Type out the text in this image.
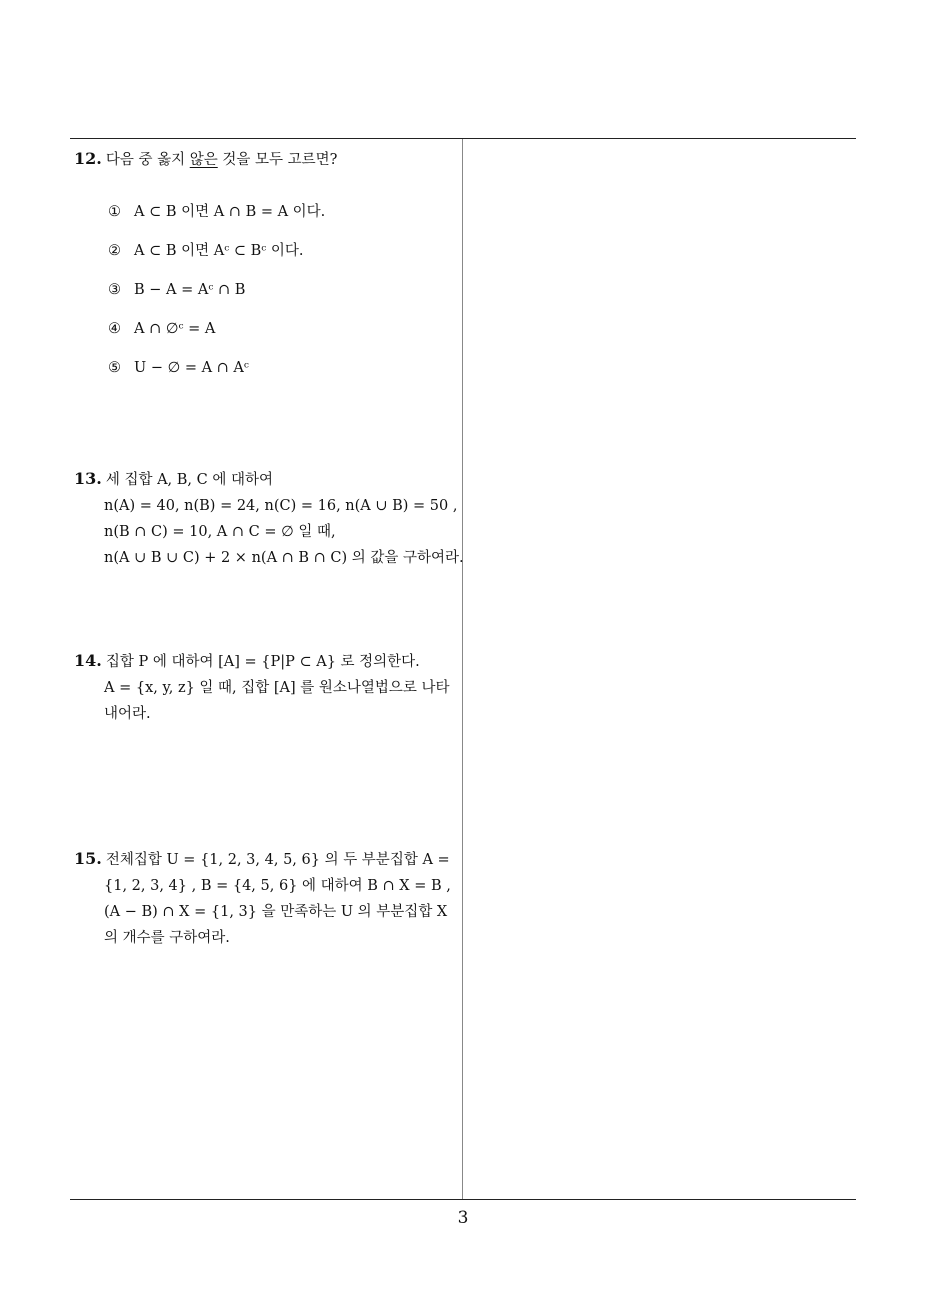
12. 다음 중 옳지 않은 것을 모두 고르면?
① A ⊂ B 이면 A ∩ B = A 이다.
② A ⊂ B 이면 Aᶜ ⊂ Bᶜ 이다.
③ B − A = Aᶜ ∩ B
④ A ∩ ∅ᶜ = A
⑤ U − ∅ = A ∩ Aᶜ
13. 세 집합 A, B, C 에 대하여
n(A) = 40, n(B) = 24, n(C) = 16, n(A ∪ B) = 50 ,
n(B ∩ C) = 10, A ∩ C = ∅ 일 때,
n(A ∪ B ∪ C) + 2 × n(A ∩ B ∩ C) 의 값을 구하여라.
14. 집합 P 에 대하여 [A] = {P|P ⊂ A} 로 정의한다.
A = {x, y, z} 일 때, 집합 [A] 를 원소나열법으로 나타
내어라.
15. 전체집합 U = {1, 2, 3, 4, 5, 6} 의 두 부분집합 A =
{1, 2, 3, 4} , B = {4, 5, 6} 에 대하여 B ∩ X = B ,
(A − B) ∩ X = {1, 3} 을 만족하는 U 의 부분집합 X
의 개수를 구하여라.
3
